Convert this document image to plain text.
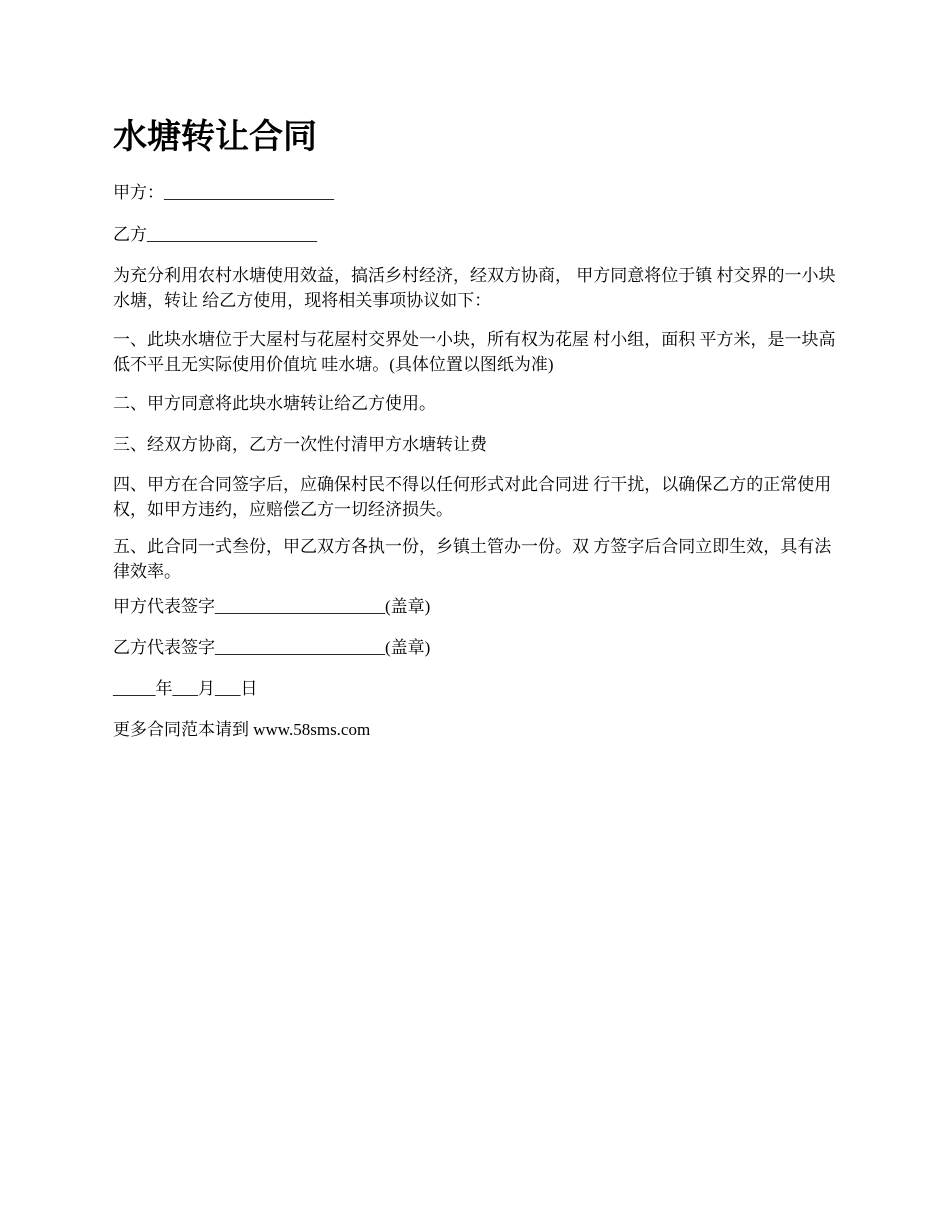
水塘转让合同

甲方：____________________

乙方____________________

为充分利用农村水塘使用效益，搞活乡村经济，经双方协商， 甲方同意将位于镇 村交界的一小块水塘，转让 给乙方使用，现将相关事项协议如下：

一、此块水塘位于大屋村与花屋村交界处一小块，所有权为花屋 村小组，面积 平方米，是一块高低不平且无实际使用价值坑 哇水塘。(具体位置以图纸为准)

二、甲方同意将此块水塘转让给乙方使用。

三、经双方协商，乙方一次性付清甲方水塘转让费

四、甲方在合同签字后，应确保村民不得以任何形式对此合同进 行干扰，以确保乙方的正常使用权，如甲方违约，应赔偿乙方一切经济损失。

五、此合同一式叁份，甲乙双方各执一份，乡镇土管办一份。双 方签字后合同立即生效，具有法律效率。

甲方代表签字____________________(盖章)

乙方代表签字____________________(盖章)

_____年___月___日

更多合同范本请到 www.58sms.com
